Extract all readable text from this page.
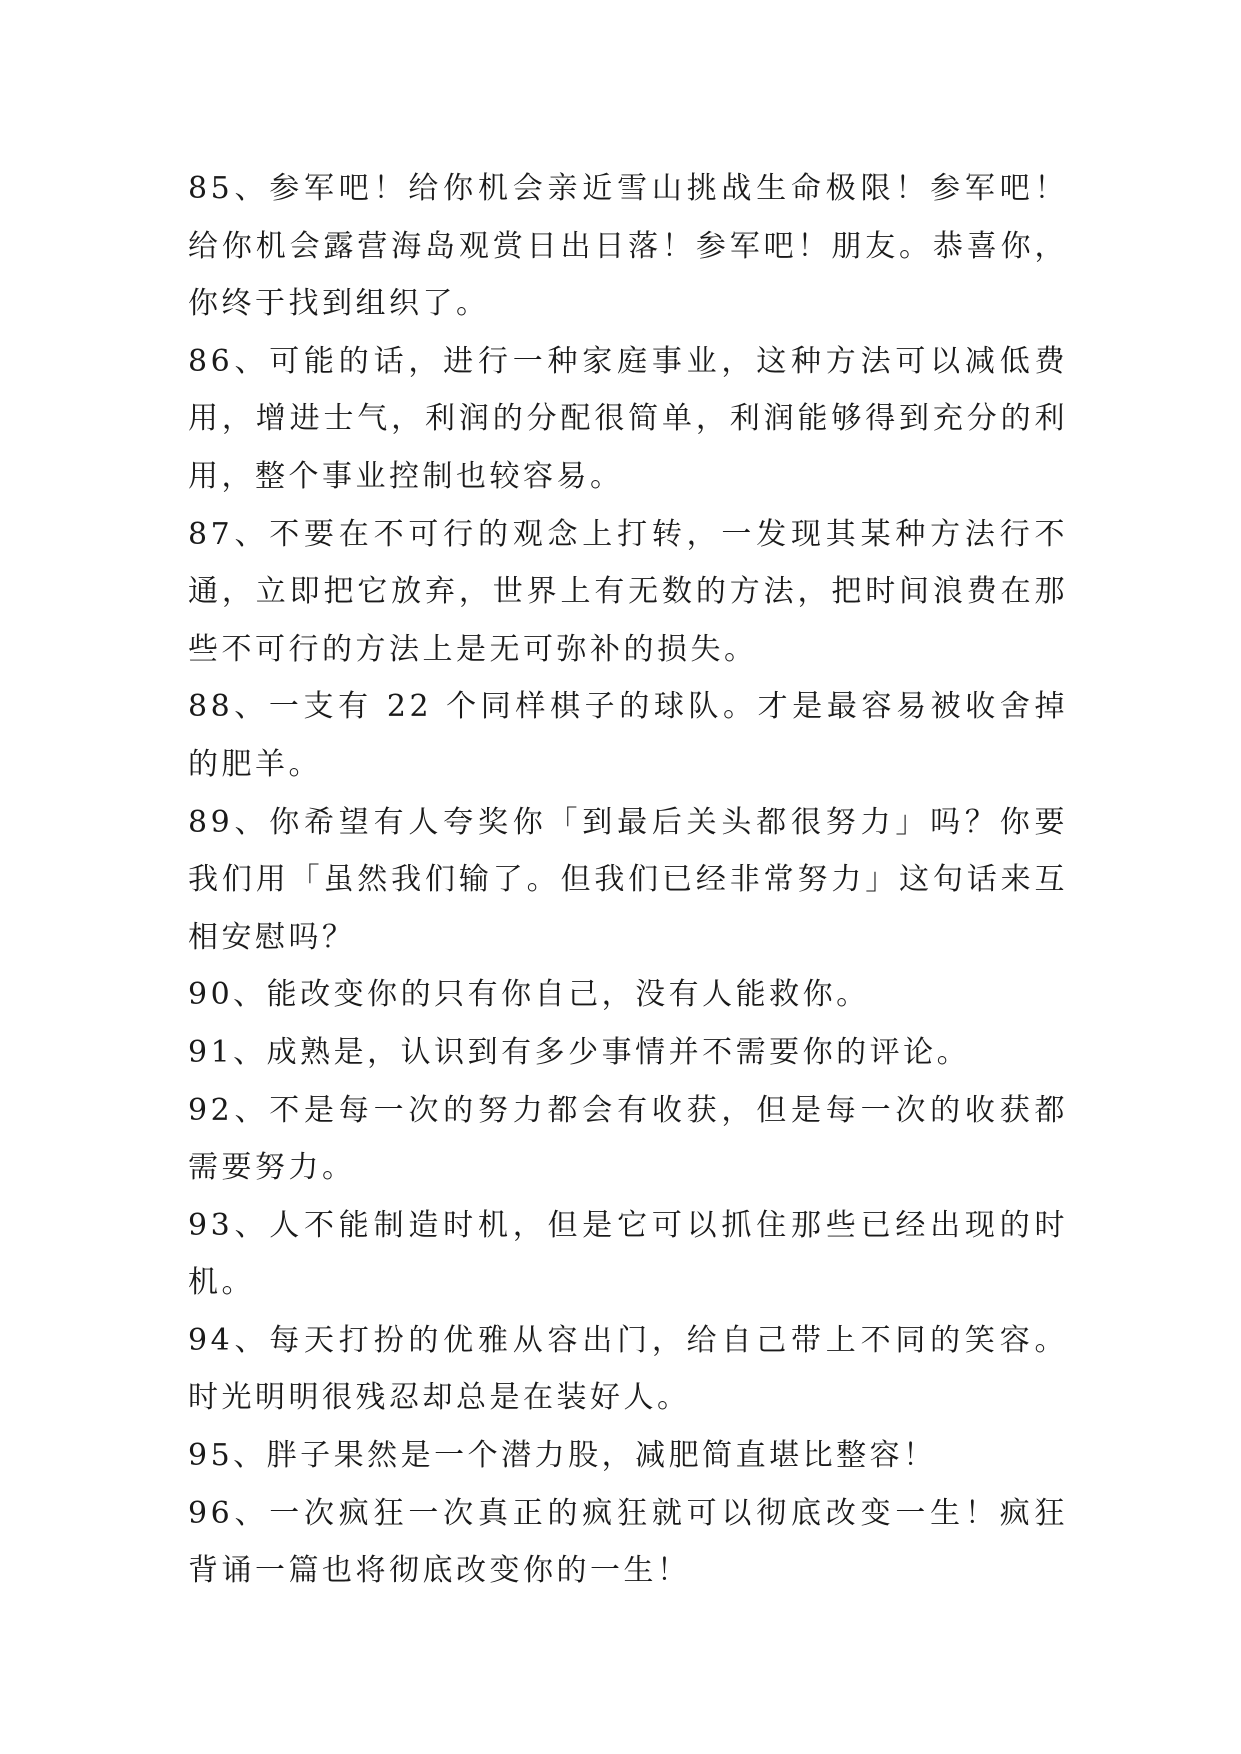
85、参军吧！给你机会亲近雪山挑战生命极限！参军吧！给你机会露营海岛观赏日出日落！参军吧！朋友。恭喜你，你终于找到组织了。

86、可能的话，进行一种家庭事业，这种方法可以减低费用，增进士气，利润的分配很简单，利润能够得到充分的利用，整个事业控制也较容易。

87、不要在不可行的观念上打转，一发现其某种方法行不通，立即把它放弃，世界上有无数的方法，把时间浪费在那些不可行的方法上是无可弥补的损失。

88、一支有 22 个同样棋子的球队。才是最容易被收舍掉的肥羊。

89、你希望有人夸奖你「到最后关头都很努力」吗？你要我们用「虽然我们输了。但我们已经非常努力」这句话来互相安慰吗？

90、能改变你的只有你自己，没有人能救你。

91、成熟是，认识到有多少事情并不需要你的评论。

92、不是每一次的努力都会有收获，但是每一次的收获都需要努力。

93、人不能制造时机，但是它可以抓住那些已经出现的时机。

94、每天打扮的优雅从容出门，给自己带上不同的笑容。时光明明很残忍却总是在装好人。

95、胖子果然是一个潜力股，减肥简直堪比整容！

96、一次疯狂一次真正的疯狂就可以彻底改变一生！疯狂背诵一篇也将彻底改变你的一生！
